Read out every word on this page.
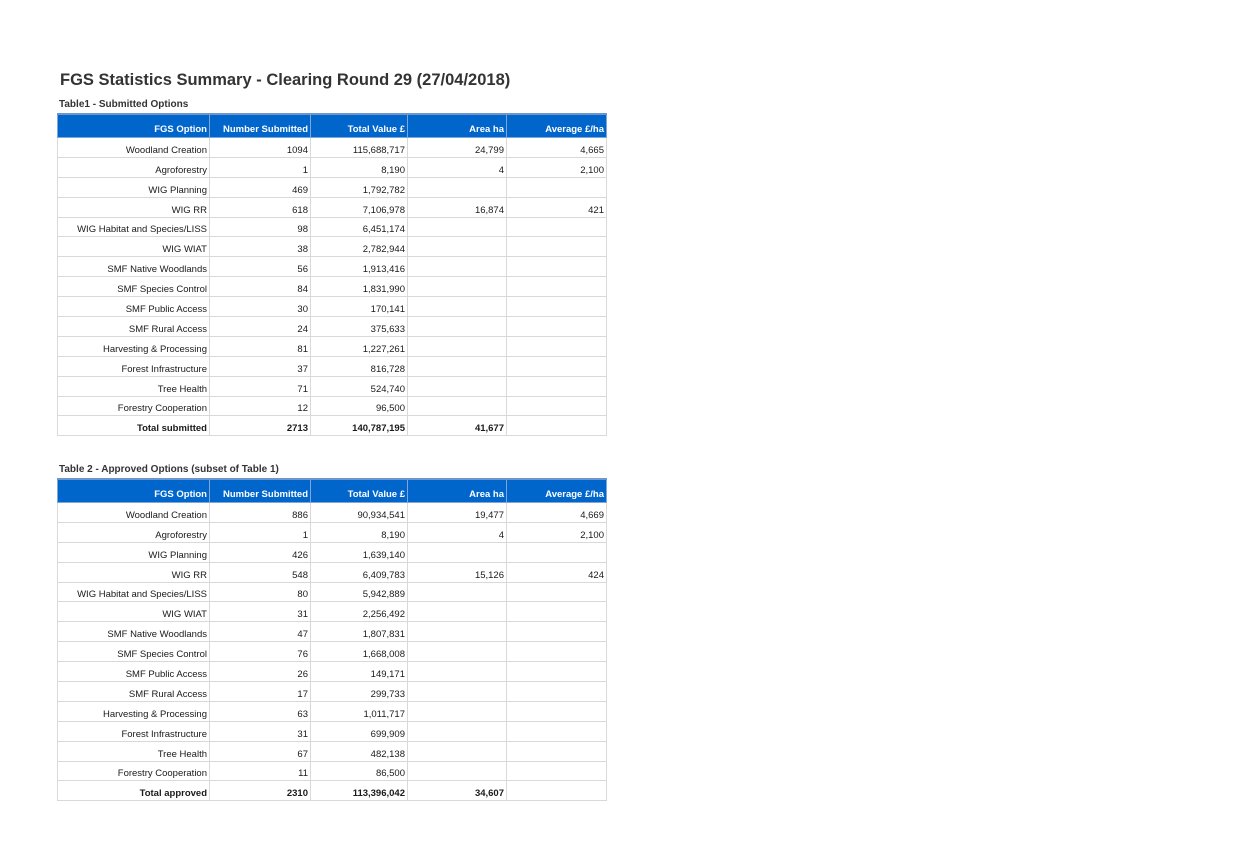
FGS Statistics Summary - Clearing Round 29 (27/04/2018)
Table1 - Submitted Options
FGS Option	Number Submitted	Total Value £	Area ha	Average £/ha
Woodland Creation	1094	115,688,717	24,799	4,665
Agroforestry	1	8,190	4	2,100
WIG Planning	469	1,792,782		
WIG RR	618	7,106,978	16,874	421
WIG Habitat and Species/LISS	98	6,451,174		
WIG WIAT	38	2,782,944		
SMF Native Woodlands	56	1,913,416		
SMF Species Control	84	1,831,990		
SMF Public Access	30	170,141		
SMF Rural Access	24	375,633		
Harvesting & Processing	81	1,227,261		
Forest Infrastructure	37	816,728		
Tree Health	71	524,740		
Forestry Cooperation	12	96,500		
Total submitted	2713	140,787,195	41,677	
Table 2 - Approved Options (subset of Table 1)
FGS Option	Number Submitted	Total Value £	Area ha	Average £/ha
Woodland Creation	886	90,934,541	19,477	4,669
Agroforestry	1	8,190	4	2,100
WIG Planning	426	1,639,140		
WIG RR	548	6,409,783	15,126	424
WIG Habitat and Species/LISS	80	5,942,889		
WIG WIAT	31	2,256,492		
SMF Native Woodlands	47	1,807,831		
SMF Species Control	76	1,668,008		
SMF Public Access	26	149,171		
SMF Rural Access	17	299,733		
Harvesting & Processing	63	1,011,717		
Forest Infrastructure	31	699,909		
Tree Health	67	482,138		
Forestry Cooperation	11	86,500		
Total approved	2310	113,396,042	34,607	
